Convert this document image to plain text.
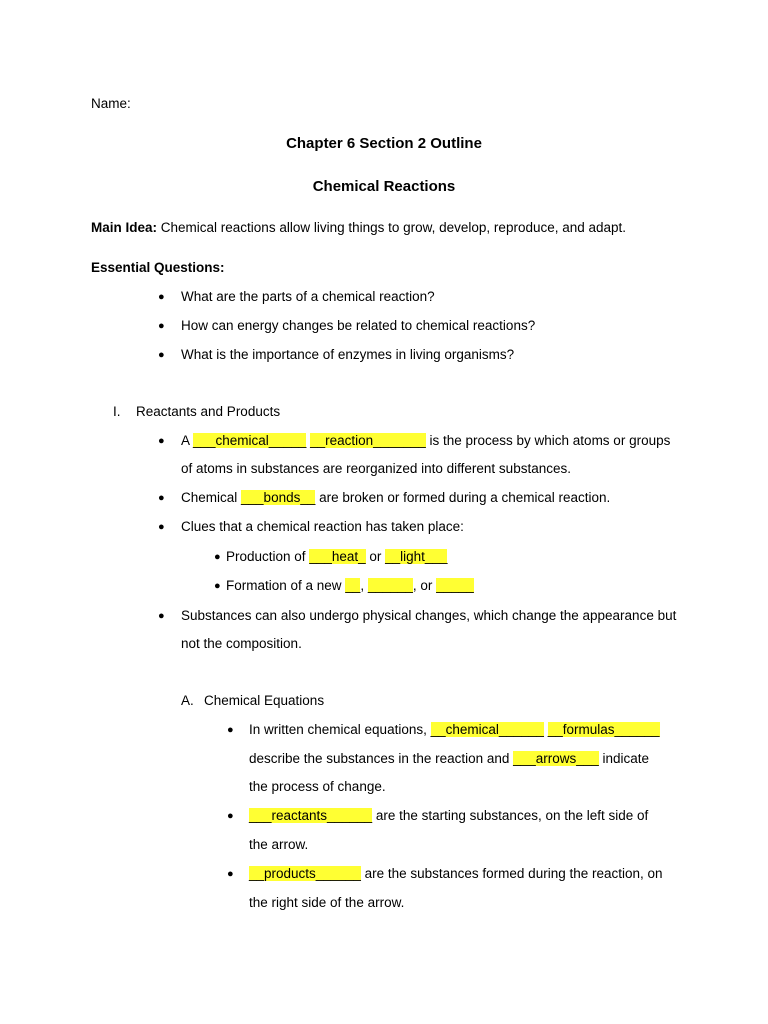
Name:
Chapter 6 Section 2 Outline
Chemical Reactions
Main Idea: Chemical reactions allow living things to grow, develop, reproduce, and adapt.
Essential Questions:
● What are the parts of a chemical reaction?
● How can energy changes be related to chemical reactions?
● What is the importance of enzymes in living organisms?
I. Reactants and Products
● A ___chemical_____ __reaction_______ is the process by which atoms or groups
of atoms in substances are reorganized into different substances.
● Chemical ___bonds__ are broken or formed during a chemical reaction.
● Clues that a chemical reaction has taken place:
● Production of ___heat_ or __light___
● Formation of a new __, ______, or _____
● Substances can also undergo physical changes, which change the appearance but
not the composition.
A. Chemical Equations
● In written chemical equations, __chemical______ __formulas______
describe the substances in the reaction and ___arrows___ indicate
the process of change.
● ___reactants______ are the starting substances, on the left side of
the arrow.
● __products______ are the substances formed during the reaction, on
the right side of the arrow.
